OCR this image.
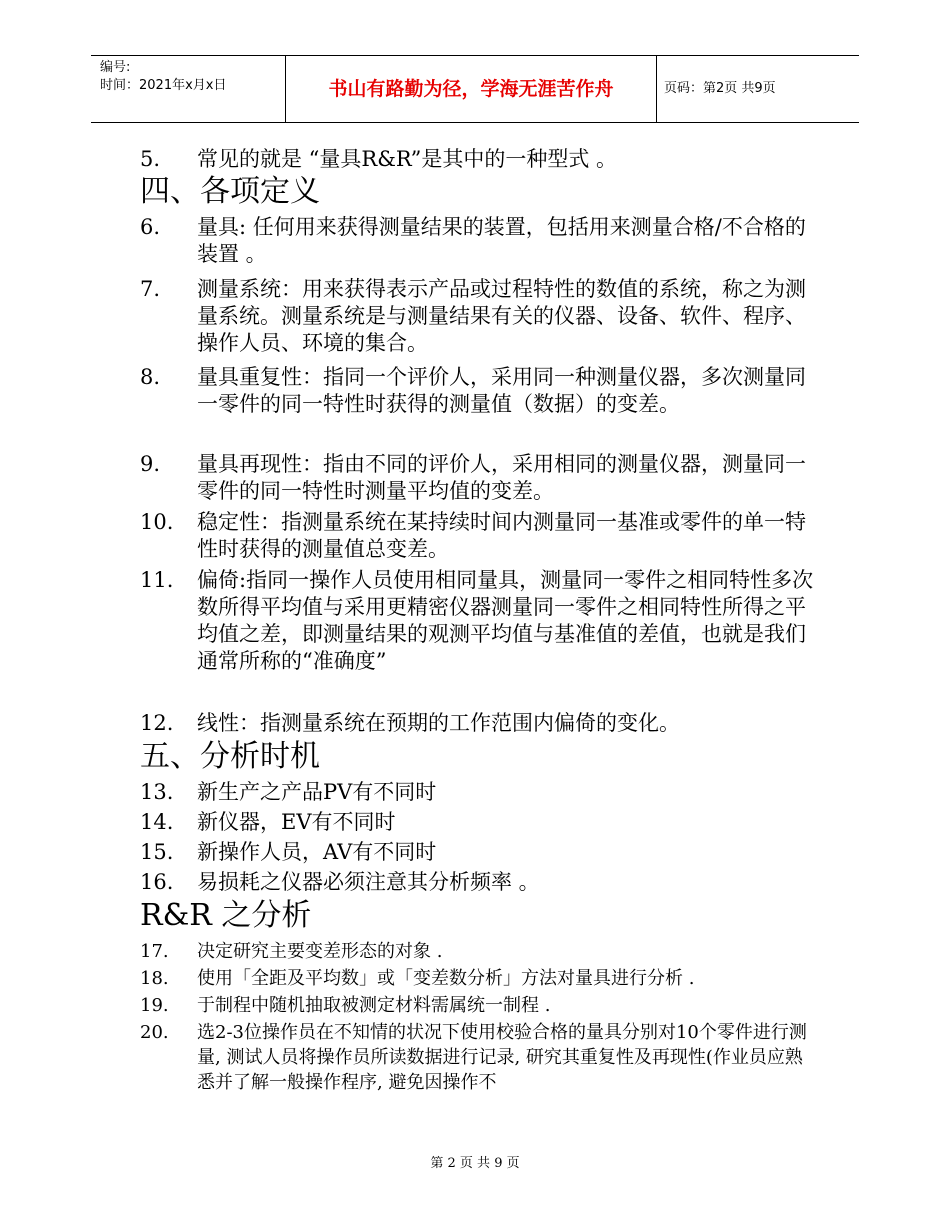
编号:
时间：2021年x月x日	书山有路勤为径，学海无涯苦作舟	页码：第2页 共9页
5.	常见的就是 “量具R&R”是其中的一种型式 。
四、各项定义
6.	量具: 任何用来获得测量结果的装置，包括用来测量合格/不合格的装置 。
7.	测量系统：用来获得表示产品或过程特性的数值的系统，称之为测量系统。测量系统是与测量结果有关的仪器、设备、软件、程序、操作人员、环境的集合。
8.	量具重复性：指同一个评价人，采用同一种测量仪器，多次测量同一零件的同一特性时获得的测量值（数据）的变差。
9.	量具再现性：指由不同的评价人，采用相同的测量仪器，测量同一零件的同一特性时测量平均值的变差。
10.	稳定性：指测量系统在某持续时间内测量同一基准或零件的单一特性时获得的测量值总变差。
11.	偏倚:指同一操作人员使用相同量具，测量同一零件之相同特性多次数所得平均值与采用更精密仪器测量同一零件之相同特性所得之平均值之差，即测量结果的观测平均值与基准值的差值，也就是我们通常所称的“准确度”
12.	线性：指测量系统在预期的工作范围内偏倚的变化。
五、分析时机
13.	新生产之产品PV有不同时
14.	新仪器，EV有不同时
15.	新操作人员，AV有不同时
16.	易损耗之仪器必须注意其分析频率 。
R&R 之分析
17.	决定研究主要变差形态的对象 .
18.	使用「全距及平均数」或「变差数分析」方法对量具进行分析 .
19.	于制程中随机抽取被测定材料需属统一制程 .
20.	选2-3位操作员在不知情的状况下使用校验合格的量具分别对10个零件进行测量, 测试人员将操作员所读数据进行记录, 研究其重复性及再现性(作业员应熟悉并了解一般操作程序, 避免因操作不
第 2 页 共 9 页
